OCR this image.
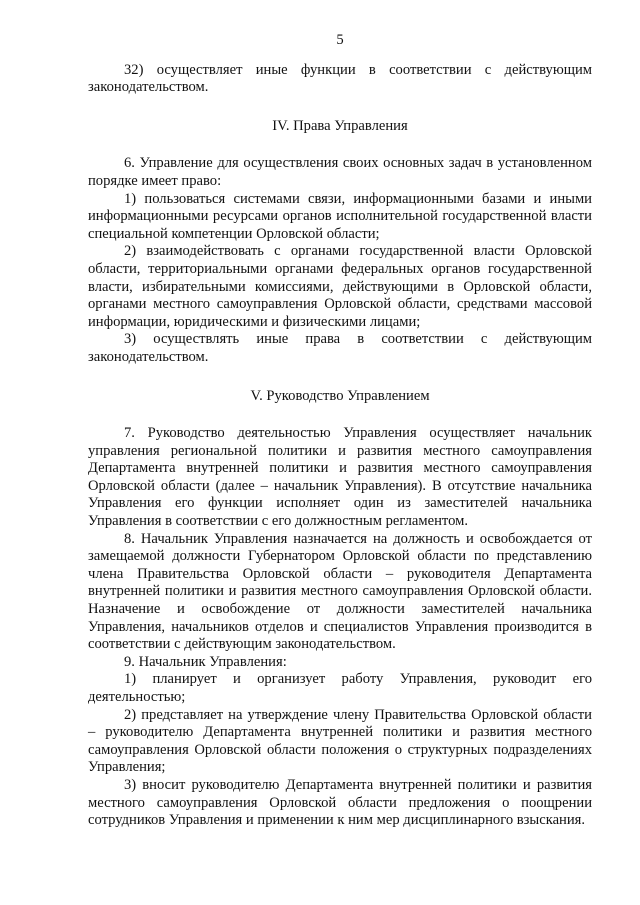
5

32) осуществляет иные функции в соответствии с действующим законодательством.

IV. Права Управления

6. Управление для осуществления своих основных задач в установленном порядке имеет право:

1) пользоваться системами связи, информационными базами и иными информационными ресурсами органов исполнительной государственной власти специальной компетенции Орловской области;

2) взаимодействовать с органами государственной власти Орловской области, территориальными органами федеральных органов государственной власти, избирательными комиссиями, действующими в Орловской области, органами местного самоуправления Орловской области, средствами массовой информации, юридическими и физическими лицами;

3) осуществлять иные права в соответствии с действующим законодательством.

V. Руководство Управлением

7. Руководство деятельностью Управления осуществляет начальник управления региональной политики и развития местного самоуправления Департамента внутренней политики и развития местного самоуправления Орловской области (далее – начальник Управления). В отсутствие начальника Управления его функции исполняет один из заместителей начальника Управления в соответствии с его должностным регламентом.

8. Начальник Управления назначается на должность и освобождается от замещаемой должности Губернатором Орловской области по представлению члена Правительства Орловской области – руководителя Департамента внутренней политики и развития местного самоуправления Орловской области. Назначение и освобождение от должности заместителей начальника Управления, начальников отделов и специалистов Управления производится в соответствии с действующим законодательством.

9. Начальник Управления:

1) планирует и организует работу Управления, руководит его деятельностью;

2) представляет на утверждение члену Правительства Орловской области – руководителю Департамента внутренней политики и развития местного самоуправления Орловской области положения о структурных подразделениях Управления;

3) вносит руководителю Департамента внутренней политики и развития местного самоуправления Орловской области предложения о поощрении сотрудников Управления и применении к ним мер дисциплинарного взыскания.
